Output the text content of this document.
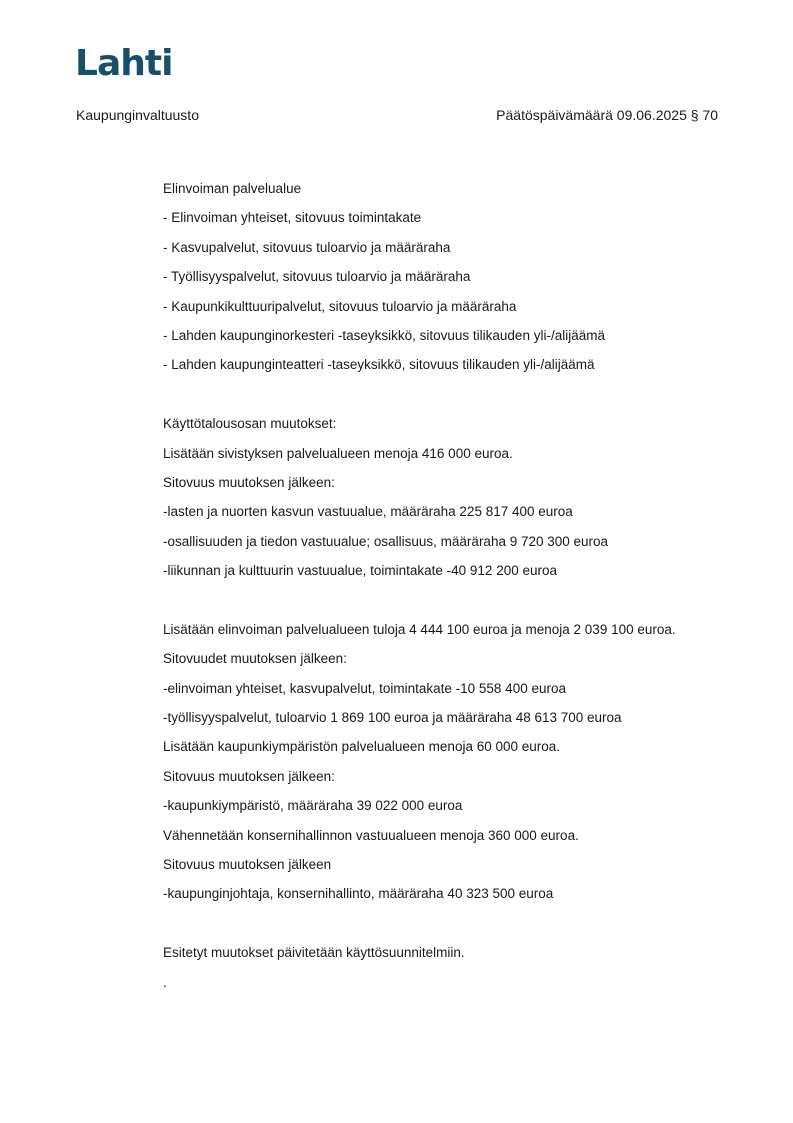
Lahti
Kaupunginvaltuusto	Päätöspäivämäärä 09.06.2025 § 70
Elinvoiman palvelualue
- Elinvoiman yhteiset, sitovuus toimintakate
- Kasvupalvelut, sitovuus tuloarvio ja määräraha
- Työllisyyspalvelut, sitovuus tuloarvio ja määräraha
- Kaupunkikulttuuripalvelut, sitovuus tuloarvio ja määräraha
- Lahden kaupunginorkesteri -taseyksikkö, sitovuus tilikauden yli-/alijäämä
- Lahden kaupunginteatteri -taseyksikkö, sitovuus tilikauden yli-/alijäämä
Käyttötalousosan muutokset:
Lisätään sivistyksen palvelualueen menoja 416 000 euroa.
Sitovuus muutoksen jälkeen:
-lasten ja nuorten kasvun vastuualue, määräraha 225 817 400 euroa
-osallisuuden ja tiedon vastuualue; osallisuus, määräraha 9 720 300 euroa
-liikunnan ja kulttuurin vastuualue, toimintakate -40 912 200 euroa
Lisätään elinvoiman palvelualueen tuloja 4 444 100 euroa ja menoja 2 039 100 euroa.
Sitovuudet muutoksen jälkeen:
-elinvoiman yhteiset, kasvupalvelut, toimintakate -10 558 400 euroa
-työllisyyspalvelut, tuloarvio 1 869 100 euroa ja määräraha 48 613 700 euroa
Lisätään kaupunkiympäristön palvelualueen menoja 60 000 euroa.
Sitovuus muutoksen jälkeen:
-kaupunkiympäristö, määräraha 39 022 000 euroa
Vähennetään konsernihallinnon vastuualueen menoja 360 000 euroa.
Sitovuus muutoksen jälkeen
-kaupunginjohtaja, konsernihallinto, määräraha 40 323 500 euroa
Esitetyt muutokset päivitetään käyttösuunnitelmiin.
.
